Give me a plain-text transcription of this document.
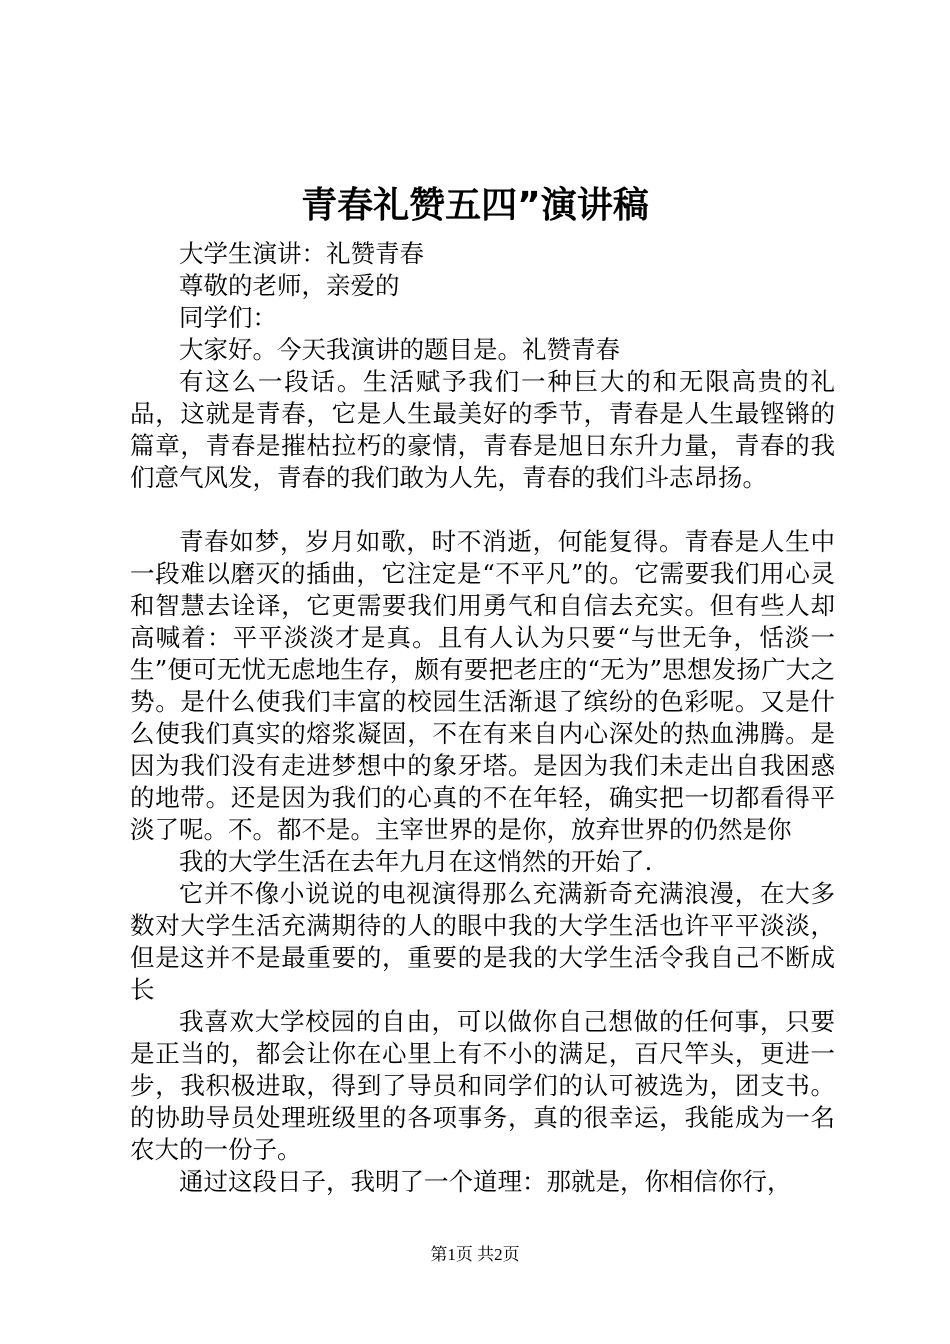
青春礼赞五四”演讲稿

大学生演讲：礼赞青春

尊敬的老师，亲爱的

同学们：

大家好。今天我演讲的题目是。礼赞青春

有这么一段话。生活赋予我们一种巨大的和无限高贵的礼品，这就是青春，它是人生最美好的季节，青春是人生最铿锵的篇章，青春是摧枯拉朽的豪情，青春是旭日东升力量，青春的我们意气风发，青春的我们敢为人先，青春的我们斗志昂扬。

青春如梦，岁月如歌，时不消逝，何能复得。青春是人生中一段难以磨灭的插曲，它注定是“不平凡”的。它需要我们用心灵和智慧去诠译，它更需要我们用勇气和自信去充实。但有些人却高喊着：平平淡淡才是真。且有人认为只要“与世无争，恬淡一生”便可无忧无虑地生存，颇有要把老庄的“无为”思想发扬广大之势。是什么使我们丰富的校园生活渐退了缤纷的色彩呢。又是什么使我们真实的熔浆凝固，不在有来自内心深处的热血沸腾。是因为我们没有走进梦想中的象牙塔。是因为我们未走出自我困惑的地带。还是因为我们的心真的不在年轻，确实把一切都看得平淡了呢。不。都不是。主宰世界的是你，放弃世界的仍然是你

我的大学生活在去年九月在这悄然的开始了.

它并不像小说说的电视演得那么充满新奇充满浪漫，在大多数对大学生活充满期待的人的眼中我的大学生活也许平平淡淡，但是这并不是最重要的，重要的是我的大学生活令我自己不断成长

我喜欢大学校园的自由，可以做你自己想做的任何事，只要是正当的，都会让你在心里上有不小的满足，百尺竿头，更进一步，我积极进取，得到了导员和同学们的认可被选为，团支书。的协助导员处理班级里的各项事务，真的很幸运，我能成为一名农大的一份子。

通过这段日子，我明了一个道理：那就是，你相信你行，

第1页 共2页
